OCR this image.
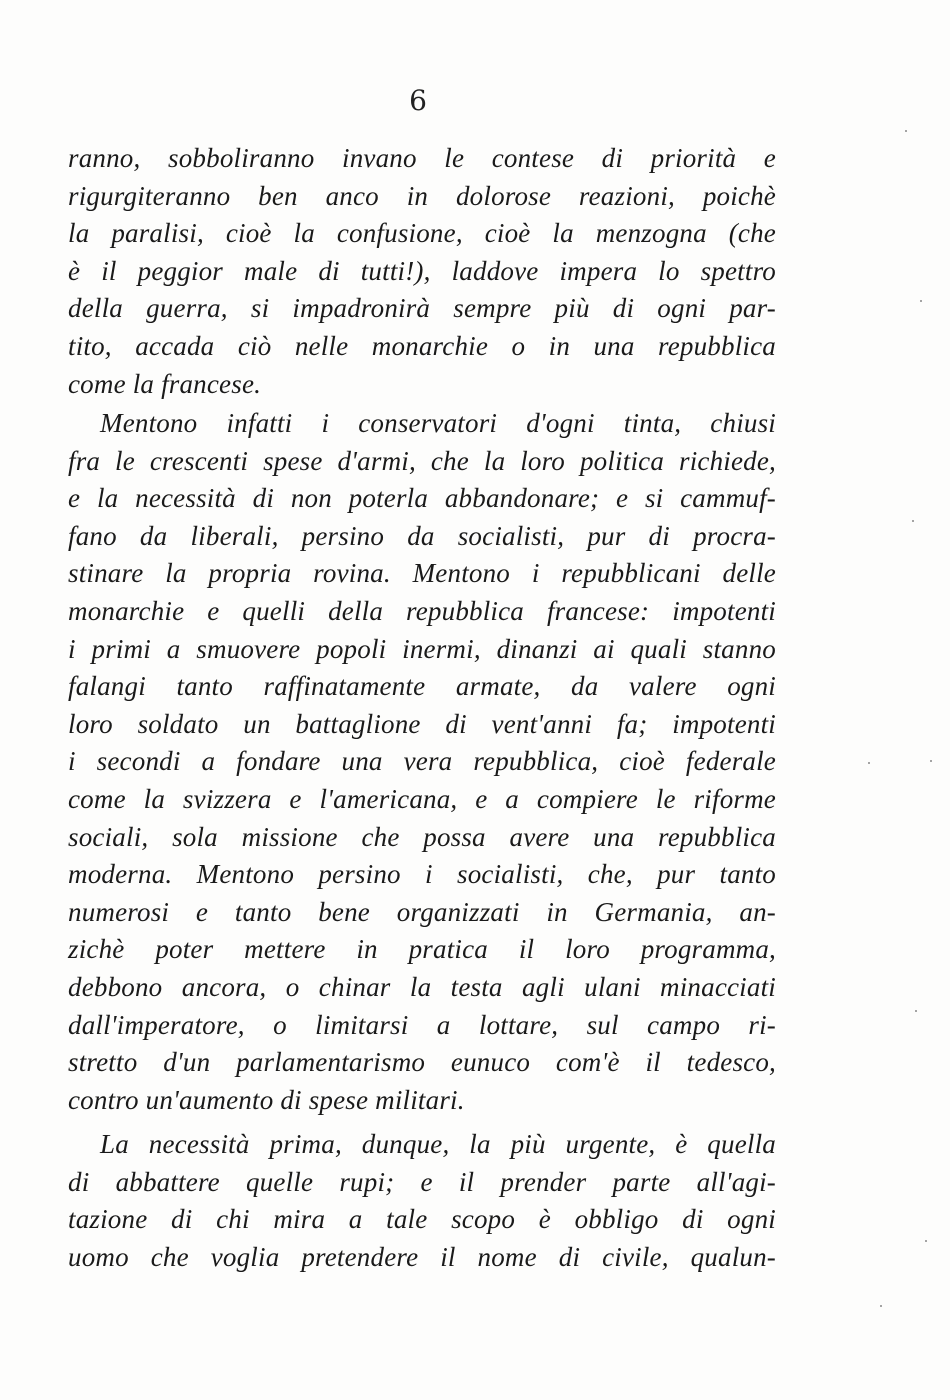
6
ranno, sobboliranno invano le contese di priorità e
rigurgiteranno ben anco in dolorose reazioni, poichè
la paralisi, cioè la confusione, cioè la menzogna (che
è il peggior male di tutti!), laddove impera lo spettro
della guerra, si impadronirà sempre più di ogni par-
tito, accada ciò nelle monarchie o in una repubblica
come la francese.
Mentono infatti i conservatori d'ogni tinta, chiusi
fra le crescenti spese d'armi, che la loro politica richiede,
e la necessità di non poterla abbandonare; e si cammuf-
fano da liberali, persino da socialisti, pur di procra-
stinare la propria rovina. Mentono i repubblicani delle
monarchie e quelli della repubblica francese: impotenti
i primi a smuovere popoli inermi, dinanzi ai quali stanno
falangi tanto raffinatamente armate, da valere ogni
loro soldato un battaglione di vent'anni fa; impotenti
i secondi a fondare una vera repubblica, cioè federale
come la svizzera e l'americana, e a compiere le riforme
sociali, sola missione che possa avere una repubblica
moderna. Mentono persino i socialisti, che, pur tanto
numerosi e tanto bene organizzati in Germania, an-
zichè poter mettere in pratica il loro programma,
debbono ancora, o chinar la testa agli ulani minacciati
dall'imperatore, o limitarsi a lottare, sul campo ri-
stretto d'un parlamentarismo eunuco com'è il tedesco,
contro un'aumento di spese militari.
La necessità prima, dunque, la più urgente, è quella
di abbattere quelle rupi; e il prender parte all'agi-
tazione di chi mira a tale scopo è obbligo di ogni
uomo che voglia pretendere il nome di civile, qualun-
